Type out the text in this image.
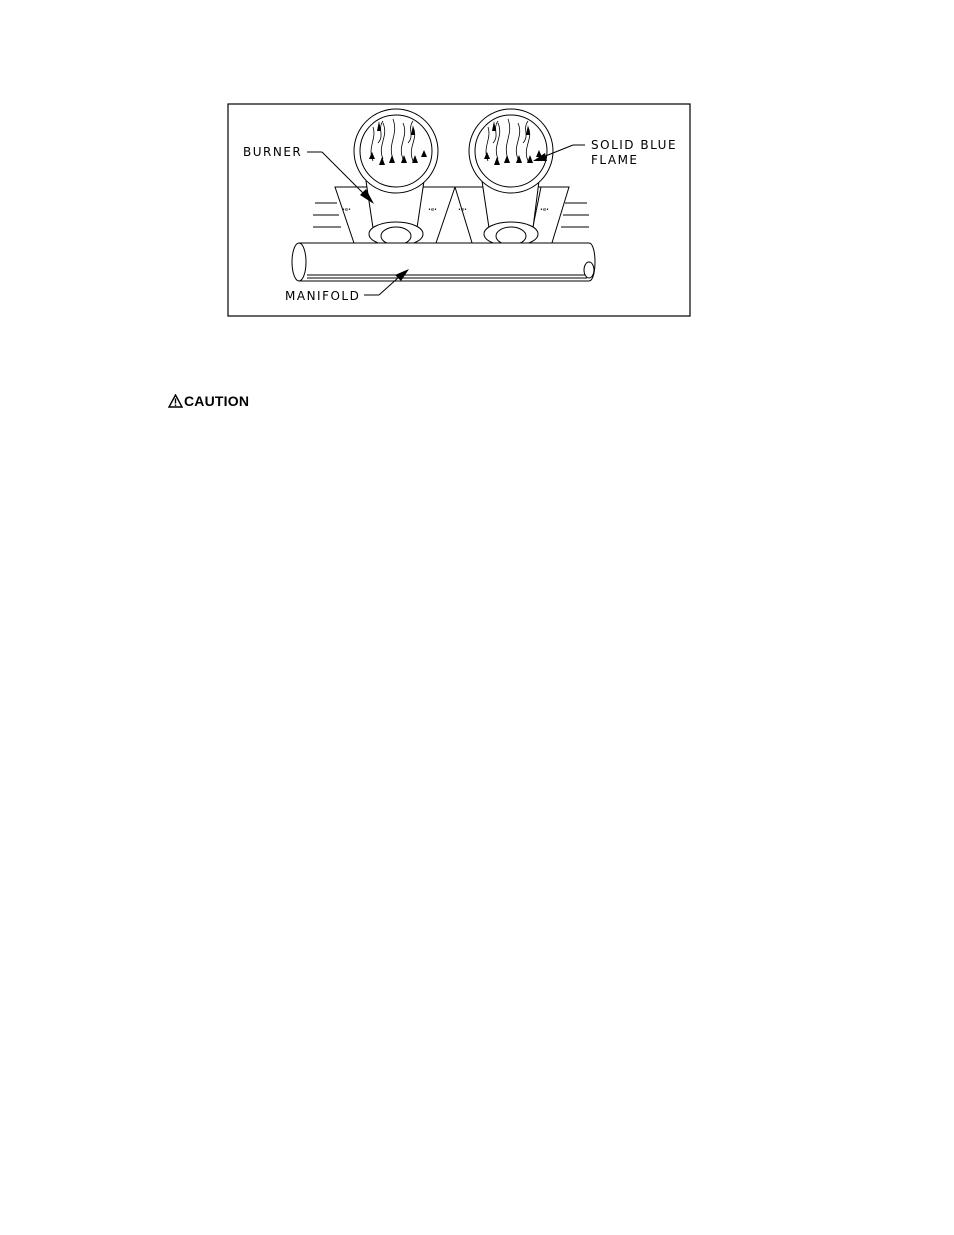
•e•	•e•	•e•	•e•
BURNER	SOLID BLUE
FLAME
MANIFOLD
CAUTION
